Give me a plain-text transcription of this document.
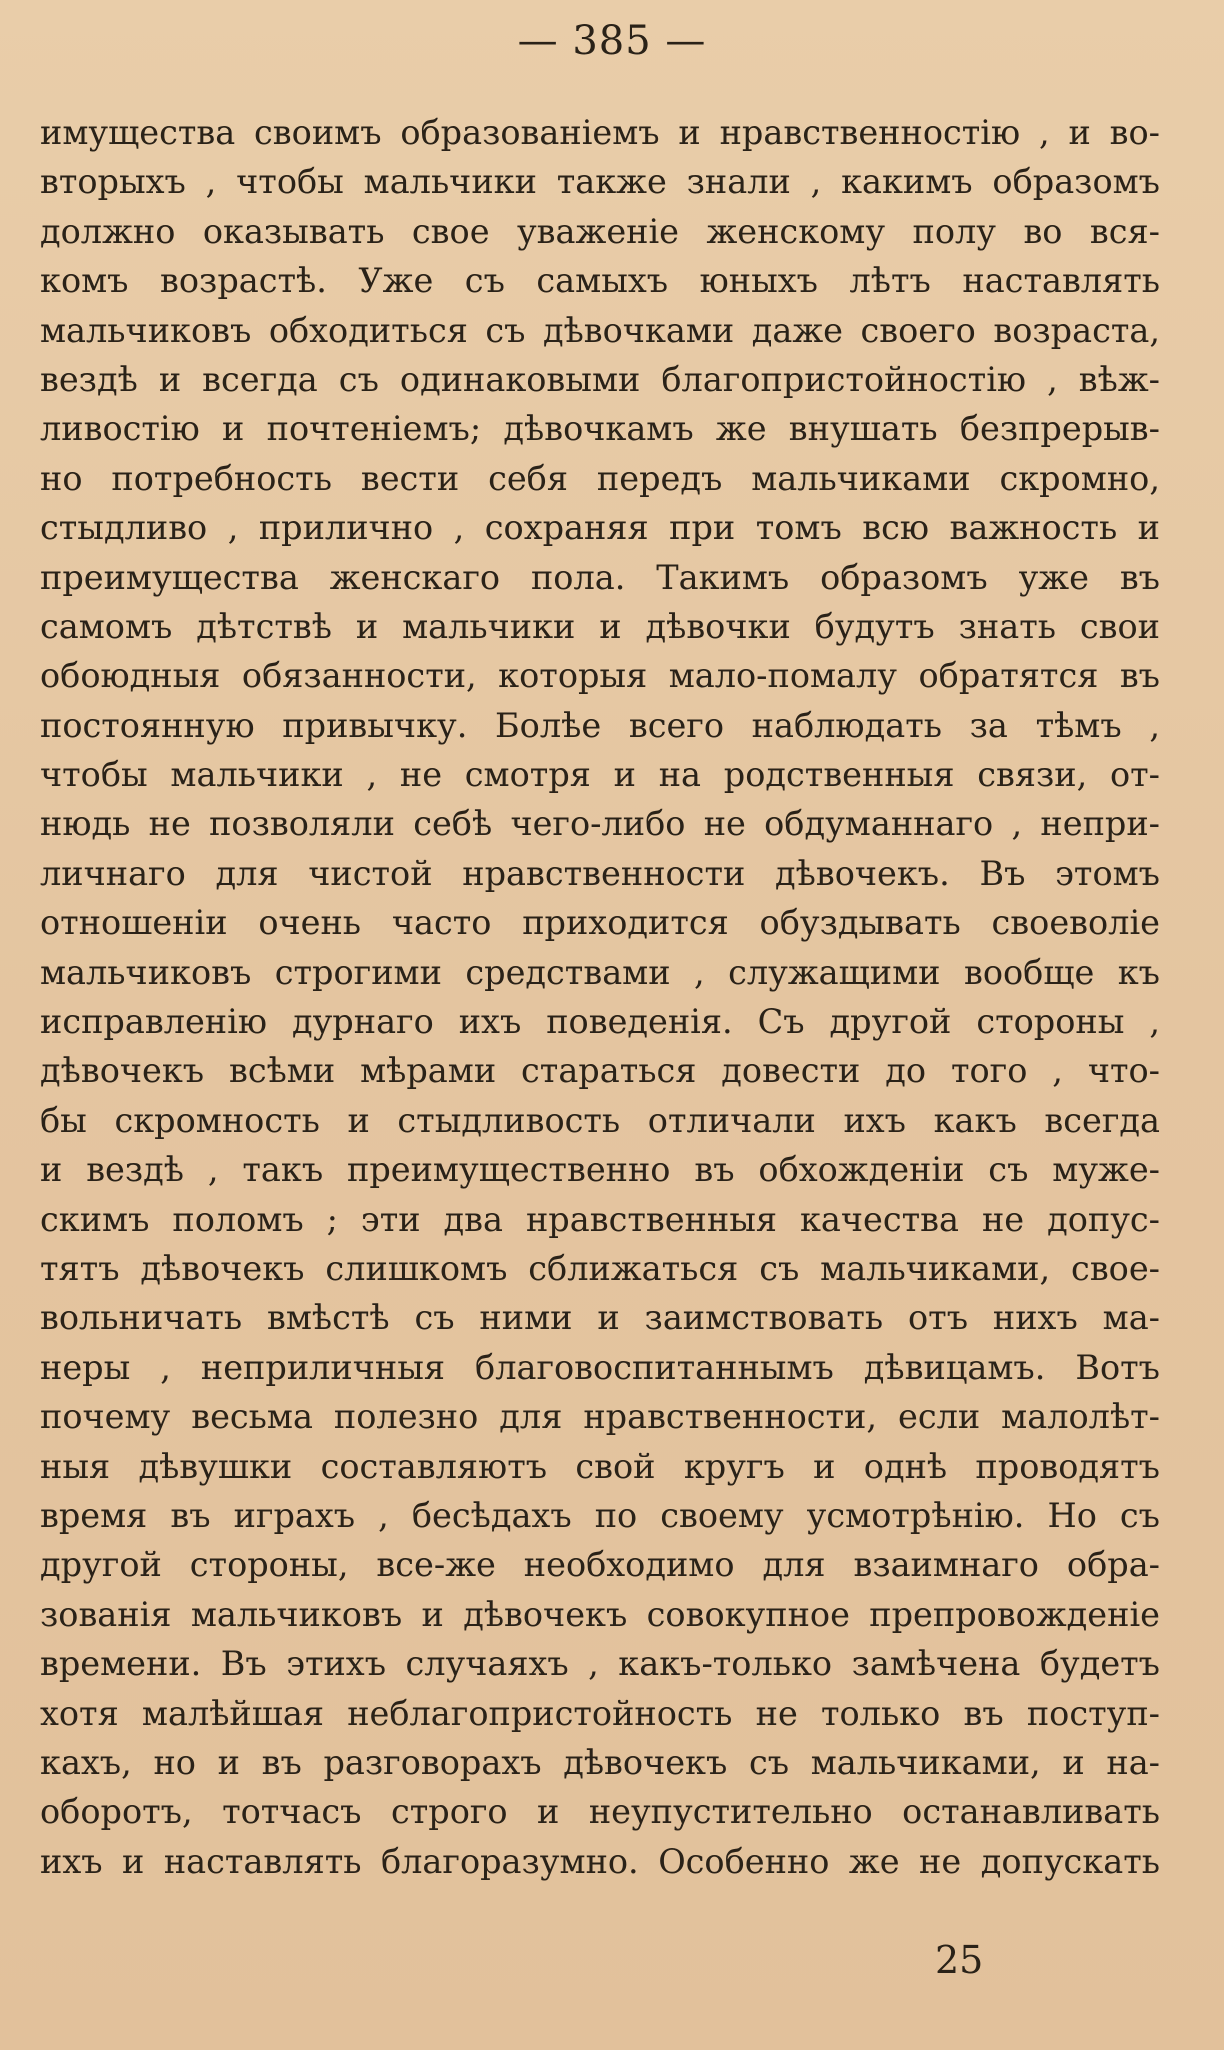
— 385 —
имущества своимъ образованіемъ и нравственностію , и во-
вторыхъ , чтобы мальчики также знали , какимъ образомъ
должно оказывать свое уваженіе женскому полу во вся-
комъ возрастѣ. Уже съ самыхъ юныхъ лѣтъ наставлять
мальчиковъ обходиться съ дѣвочками даже своего возраста,
вездѣ и всегда съ одинаковыми благопристойностію , вѣж-
ливостію и почтеніемъ; дѣвочкамъ же внушать безпрерыв-
но потребность вести себя передъ мальчиками скромно,
стыдливо , прилично , сохраняя при томъ всю важность и
преимущества женскаго пола. Такимъ образомъ уже въ
самомъ дѣтствѣ и мальчики и дѣвочки будутъ знать свои
обоюдныя обязанности, которыя мало-помалу обратятся въ
постоянную привычку. Болѣе всего наблюдать за тѣмъ ,
чтобы мальчики , не смотря и на родственныя связи, от-
нюдь не позволяли себѣ чего-либо не обдуманнаго , непри-
личнаго для чистой нравственности дѣвочекъ. Въ этомъ
отношеніи очень часто приходится обуздывать своеволіе
мальчиковъ строгими средствами , служащими вообще къ
исправленію дурнаго ихъ поведенія. Съ другой стороны ,
дѣвочекъ всѣми мѣрами стараться довести до того , что-
бы скромность и стыдливость отличали ихъ какъ всегда
и вездѣ , такъ преимущественно въ обхожденіи съ муже-
скимъ поломъ ; эти два нравственныя качества не допус-
тятъ дѣвочекъ слишкомъ сближаться съ мальчиками, свое-
вольничать вмѣстѣ съ ними и заимствовать отъ нихъ ма-
неры , неприличныя благовоспитаннымъ дѣвицамъ. Вотъ
почему весьма полезно для нравственности, если малолѣт-
ныя дѣвушки составляютъ свой кругъ и однѣ проводятъ
время въ играхъ , бесѣдахъ по своему усмотрѣнію. Но съ
другой стороны, все-же необходимо для взаимнаго обра-
зованія мальчиковъ и дѣвочекъ совокупное препровожденіе
времени. Въ этихъ случаяхъ , какъ-только замѣчена будетъ
хотя малѣйшая неблагопристойность не только въ поступ-
кахъ, но и въ разговорахъ дѣвочекъ съ мальчиками, и на-
оборотъ, тотчасъ строго и неупустительно останавливать
ихъ и наставлять благоразумно. Особенно же не допускать
25
